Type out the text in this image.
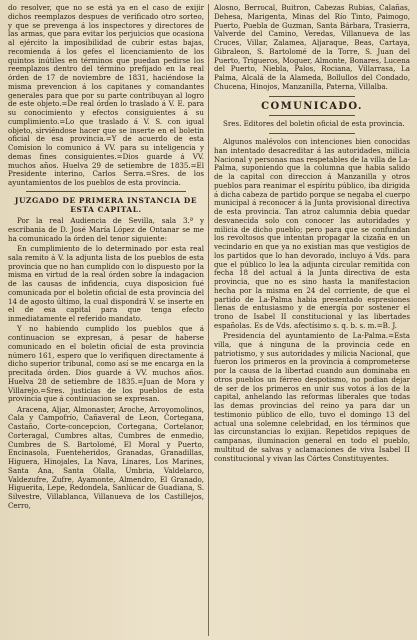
do resolver, que no se está ya en el caso de exijir dichos reemplazos despues de verificado otro sorteo, y que se prevenga á los inspectores y directores de las armas, que para evitar los perjuicios que ocasiona al ejército la imposibilidad de cubrir estas bajas, recomienda á los gefes el licenciamiento de los quintos inútiles en términos que puedan pedirse los reemplazos dentro del término prefijado en la real órden de 17 de noviembre de 1831, haciéndose la misma prevencion á los capitanes y comandantes generales para que por su parte contribuyan al logro de este objeto.=De real órden lo traslado á V. E. para su conocimiento y efectos consiguientes á su cumplimiento.=Lo que traslado á V. S. con igual objeto, sirviéndose hacer que se inserte en el boletin oficial de esa provincia.=Y de acuerdo de esta Comision lo comunico á VV. para su inteligencia y demas fines consiguientes.=Dios guarde á VV. muchos años. Huelva 29 de setiembre de 1835.=El Presidente interino, Carlos Serra.=Sres. de los ayuntamientos de los pueblos de esta provincia.

JUZGADO DE PRIMERA INSTANCIA DE ESTA CAPITAL.

Por la real Audiencia de Sevilla, sala 3.ª y escribania de D. José María López de Ontanar se me ha comunicado la órden del tenor siguiente:

En cumplimiento de lo determinado por esta real sala remito á V. la adjunta lista de los pueblos de esta provincia que no han cumplido con lo dispuesto por la misma en virtud de la real órden sobre la indagacion de las causas de infidencia, cuya disposicion fué comunicada por el boletin oficial de esta provincia del 14 de agosto último, la cual dispondrá V. se inserte en el de esa capital para que tenga efecto inmediatamente el referido mandato.

Y no habiendo cumplido los pueblos que á continuacion se expresan, á pesar de haberse comunicado en el boletin oficial de esta provincia número 161, espero que lo verifiquen directamente á dicho superior tribunal, como así se me encarga en la precitada órden. Dios guarde á VV. muchos años. Huelva 28 de setiembre de 1835.=Juan de Mora y Villarejo.=Sres. justicias de los pueblos de esta provincia que á continuacion se expresan.

Aracena, Aljar, Almonaster, Aroche, Arroyomolinos, Cala y Campofrío, Cañaveral de Leon, Cortegana, Castaño, Corte-concepcion, Cortegana, Cortelanor, Corteragal, Cumbres altas, Cumbres de enmedio, Cumbres de S. Bartolomé, El Moral y Puerto, Encinasola, Fuenteheridos, Granadas, Granadillas, Higuera, Hinojales, La Nava, Linares, Los Marines, Santa Ana, Santa Olalla, Umbria, Valdelarco, Valdezufre, Zufre, Ayamonte, Almendro, El Granado, Higuerita, Lepe, Redondela, Sanlúcar de Guadiana, S. Silvestre, Villablanca, Villanueva de los Castillejos, Cerro,

Alosno, Berrocal, Buitron, Cabezas Rubias, Calañas, Dehesa, Marigenta, Minas del Río Tinto, Paimogo, Puerto, Puebla de Guzman, Santa Bárbara, Trasierra, Valverde del Camino, Veredas, Villanueva de las Cruces, Villar, Zalamea, Aljaraque, Beas, Cartaya, Gibraleon, S. Bartolomé de la Torre, S. Juan del Puerto, Trigueros, Moguer, Almonte, Bonares, Lucena del Puerto, Niebla, Palos, Rociana, Villarrasa, La Palma, Alcalá de la Alameda, Bollullos del Condado, Chucena, Hinojos, Manzanilla, Paterna, Villalba.

COMUNICADO.

Sres. Editores del boletin oficial de esta provincia.

Algunos malévolos con intenciones bien conocidas han intentado desacreditar á las autoridades, milicia Nacional y personas mas respetables de la villa de La-Palma, suponiendo que la columna que habia salido de la capital con direccion á Manzanilla y otros pueblos para reanimar el espíritu público, iba dirigida á dicha cabeza de partido porque se negaba el cuerpo municipal á reconocer á la Junta provisional directiva de esta provincia. Tan atroz calumnia debia quedar desvanecida solo con conocer las autoridades y milicia de dicho pueblo; pero para que se confundan los revoltosos que intentan propagar la cizaña en un vecindario en que ya no existian mas que vestigios de los partidos que lo han devorado, incluyo á Vds. para que el público lo lea la adjunta circular remitida con fecha 18 del actual á la Junta directiva de esta provincia, que no es sino hasta la manifestacion hecha por la misma en 24 del corriente, de que el partido de La-Palma habia presentado espresiones llenas de entusiasmo y de energía por sostener el trono de Isabel II constitucional y las libertades españolas. Es de Vds. afectísimo s. q. b. s. m.=B. J.

Presidencia del ayuntamiento de La-Palma.=Esta villa, que á ninguna de la provincia cede en patriotismo, y sus autoridades y milicia Nacional, que fueron los primeros en la provincia á comprometerse por la causa de la libertad cuando aun dominaba en otros pueblos un férreo despotismo, no podian dejar de ser de los primeros en unir sus votos á los de la capital, anhelando las reformas liberales que todas las demas provincias del reino ya para dar un testimonio público de ello, tuvo el domingo 13 del actual una solemne celebridad, en los términos que las circunstancias lo exijian. Repetidos repiques de campanas, iluminacion general en todo el pueblo, multitud de salvas y aclamaciones de viva Isabel II constitucional y vivan las Córtes Constituyentes.
